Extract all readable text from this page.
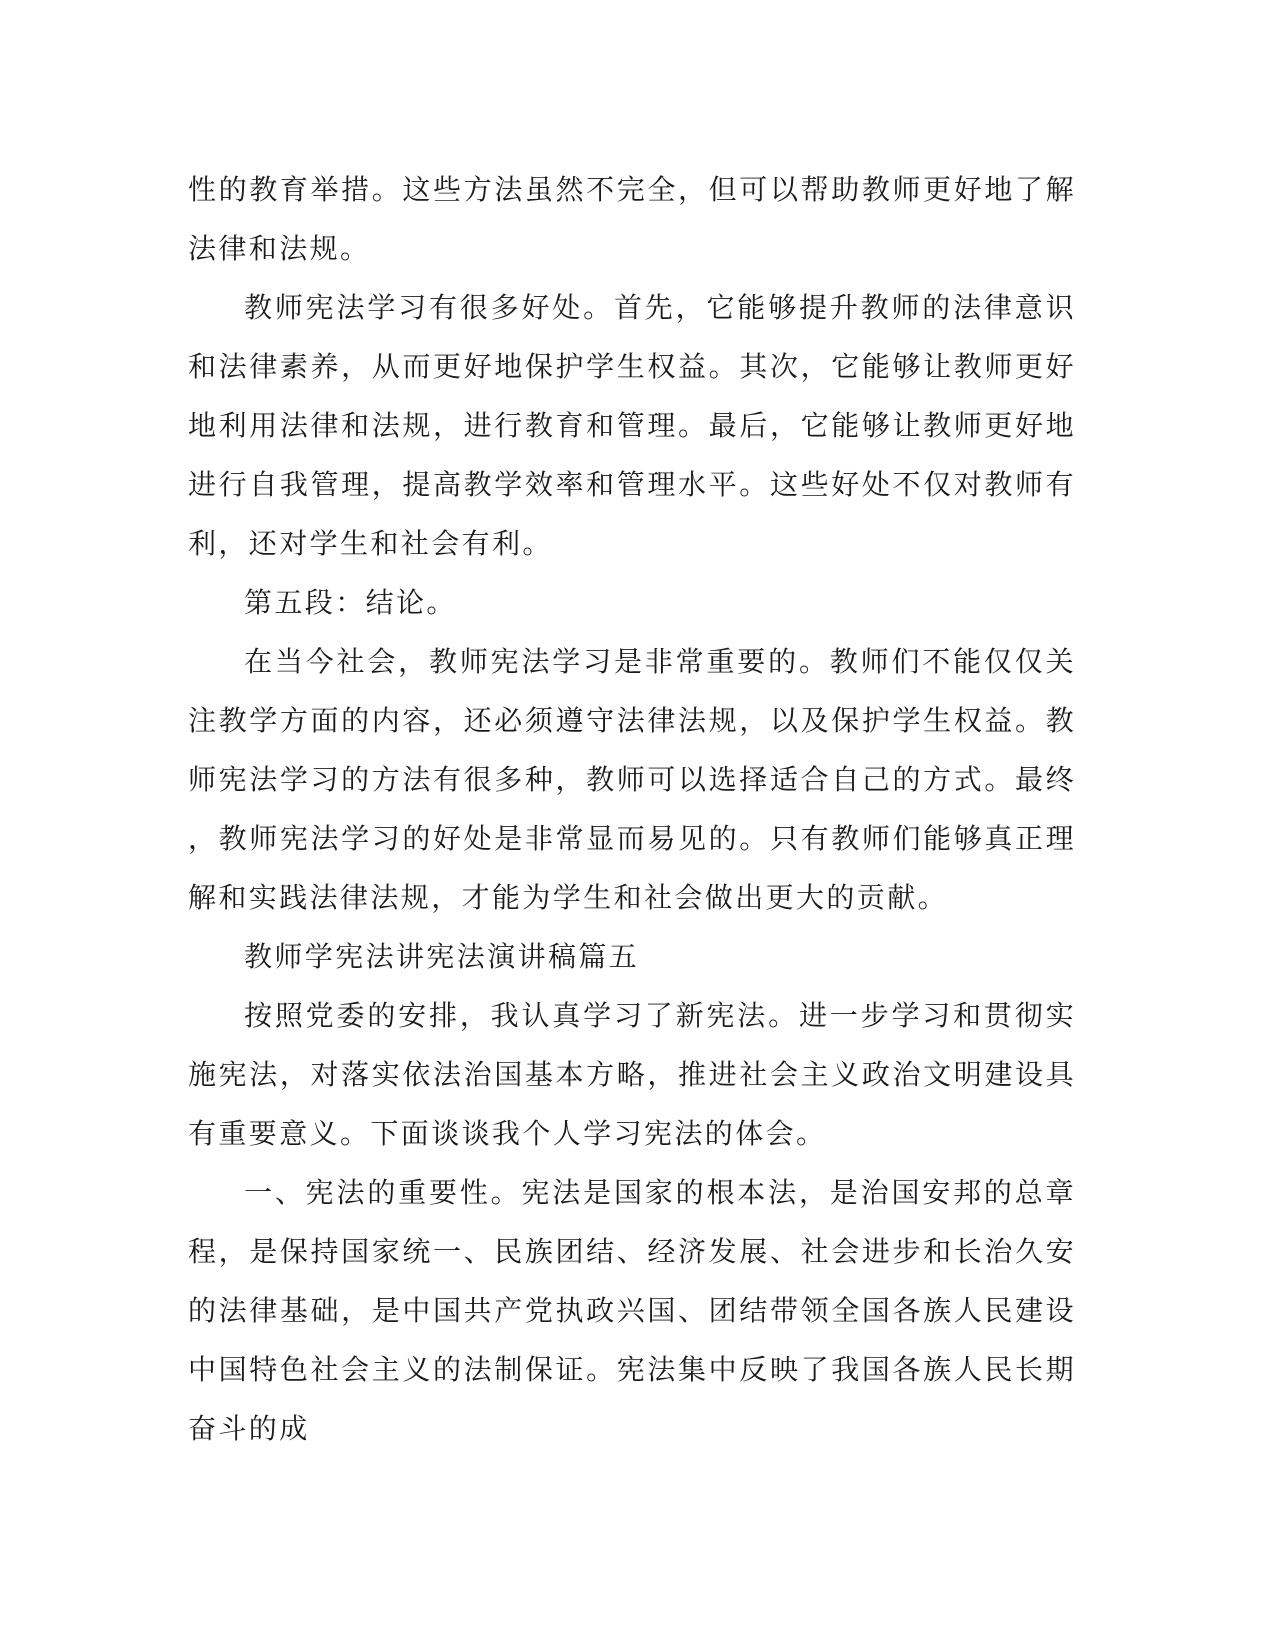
性的教育举措。这些方法虽然不完全，但可以帮助教师更好地了解法律和法规。

教师宪法学习有很多好处。首先，它能够提升教师的法律意识和法律素养，从而更好地保护学生权益。其次，它能够让教师更好地利用法律和法规，进行教育和管理。最后，它能够让教师更好地进行自我管理，提高教学效率和管理水平。这些好处不仅对教师有利，还对学生和社会有利。

第五段：结论。

在当今社会，教师宪法学习是非常重要的。教师们不能仅仅关注教学方面的内容，还必须遵守法律法规，以及保护学生权益。教师宪法学习的方法有很多种，教师可以选择适合自己的方式。最终，教师宪法学习的好处是非常显而易见的。只有教师们能够真正理解和实践法律法规，才能为学生和社会做出更大的贡献。

教师学宪法讲宪法演讲稿篇五

按照党委的安排，我认真学习了新宪法。进一步学习和贯彻实施宪法，对落实依法治国基本方略，推进社会主义政治文明建设具有重要意义。下面谈谈我个人学习宪法的体会。

一、宪法的重要性。宪法是国家的根本法，是治国安邦的总章程，是保持国家统一、民族团结、经济发展、社会进步和长治久安的法律基础，是中国共产党执政兴国、团结带领全国各族人民建设中国特色社会主义的法制保证。宪法集中反映了我国各族人民长期奋斗的成
